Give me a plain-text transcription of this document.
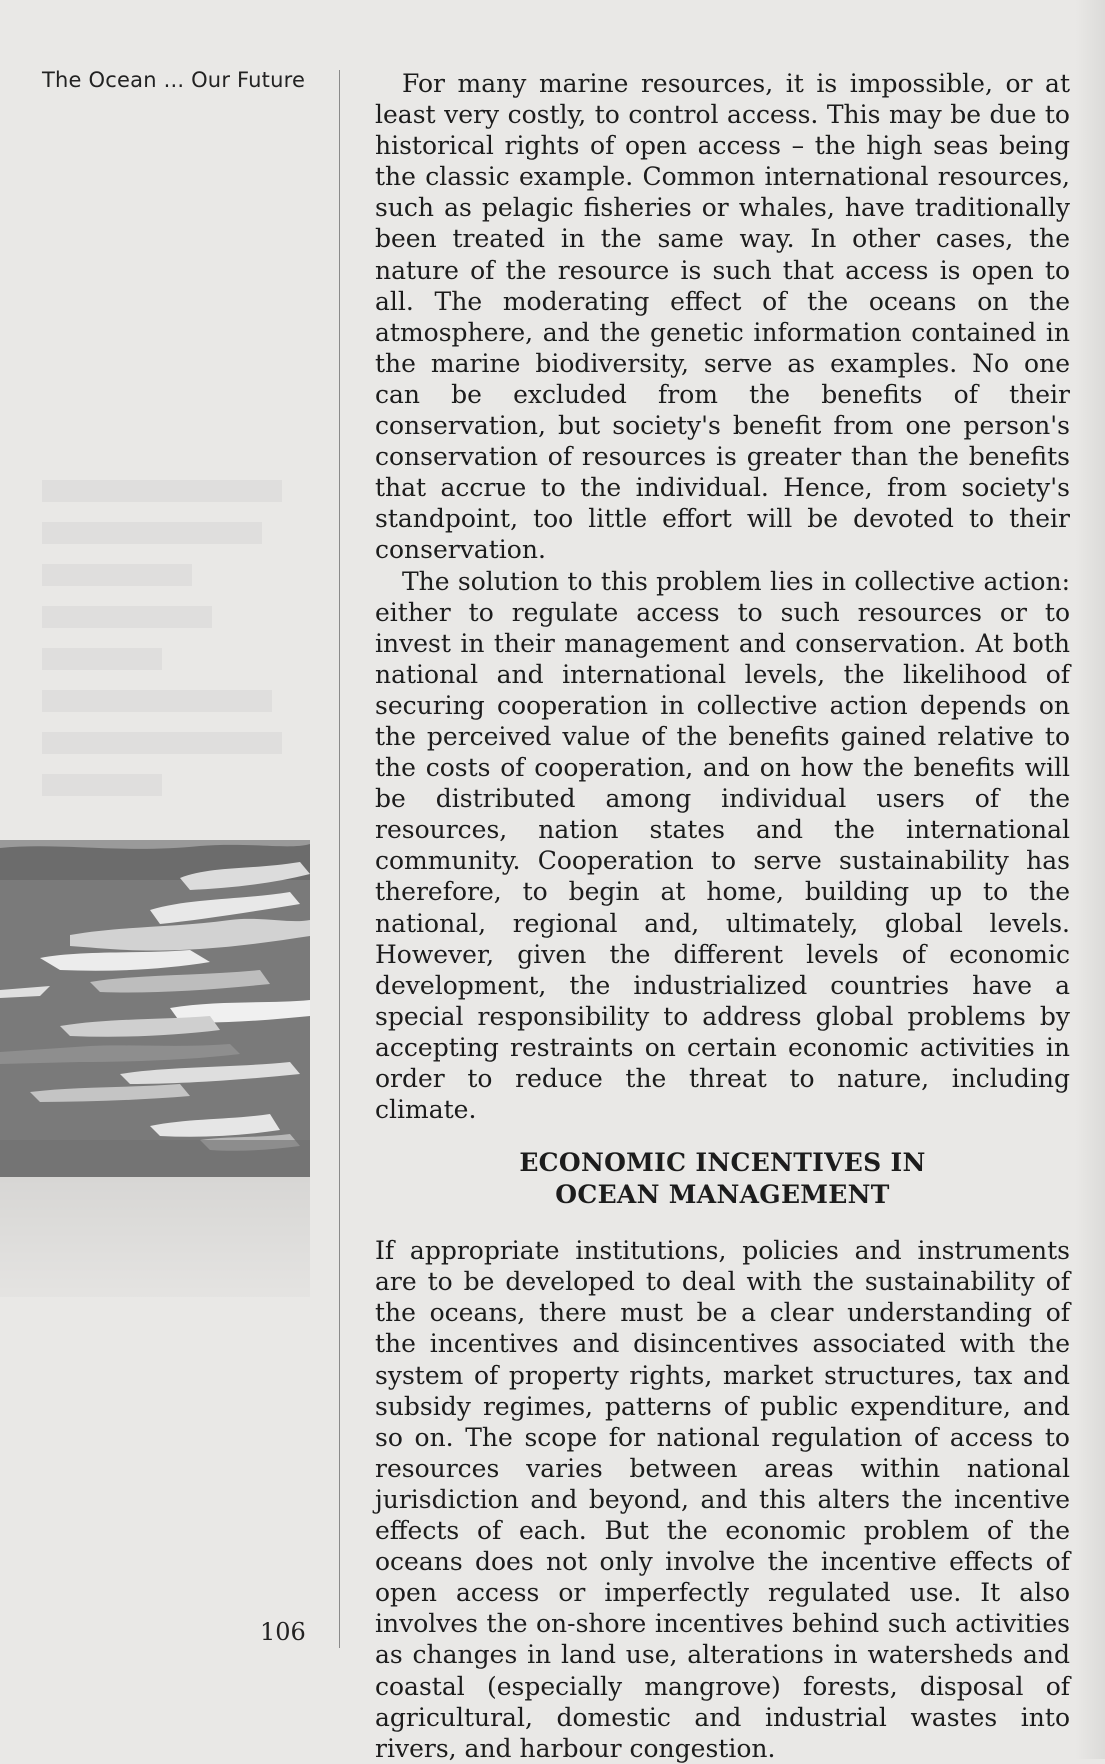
The Ocean ... Our Future
106

For many marine resources, it is impossible, or at least very costly, to control access. This may be due to historical rights of open access – the high seas being the classic example. Common international resources, such as pelagic fisheries or whales, have traditionally been treated in the same way. In other cases, the nature of the resource is such that access is open to all. The moderating effect of the oceans on the atmosphere, and the genetic information contained in the marine biodiversity, serve as examples. No one can be excluded from the benefits of their conservation, but society's benefit from one person's conservation of resources is greater than the benefits that accrue to the individual. Hence, from society's standpoint, too little effort will be devoted to their conservation.

The solution to this problem lies in collective action: either to regulate access to such resources or to invest in their management and conservation. At both national and international levels, the likelihood of securing cooperation in collective action depends on the perceived value of the benefits gained relative to the costs of cooperation, and on how the benefits will be distributed among individual users of the resources, nation states and the international community. Cooperation to serve sustainability has therefore, to begin at home, building up to the national, regional and, ultimately, global levels. However, given the different levels of economic development, the industrialized countries have a special responsibility to address global problems by accepting restraints on certain economic activities in order to reduce the threat to nature, including climate.

ECONOMIC INCENTIVES IN
OCEAN MANAGEMENT

If appropriate institutions, policies and instruments are to be developed to deal with the sustainability of the oceans, there must be a clear understanding of the incentives and disincentives associated with the system of property rights, market structures, tax and subsidy regimes, patterns of public expenditure, and so on. The scope for national regulation of access to resources varies between areas within national jurisdiction and beyond, and this alters the incentive effects of each. But the economic problem of the oceans does not only involve the incentive effects of open access or imperfectly regulated use. It also involves the on-shore incentives behind such activities as changes in land use, alterations in watersheds and coastal (especially mangrove) forests, disposal of agricultural, domestic and industrial wastes into rivers, and harbour congestion.
